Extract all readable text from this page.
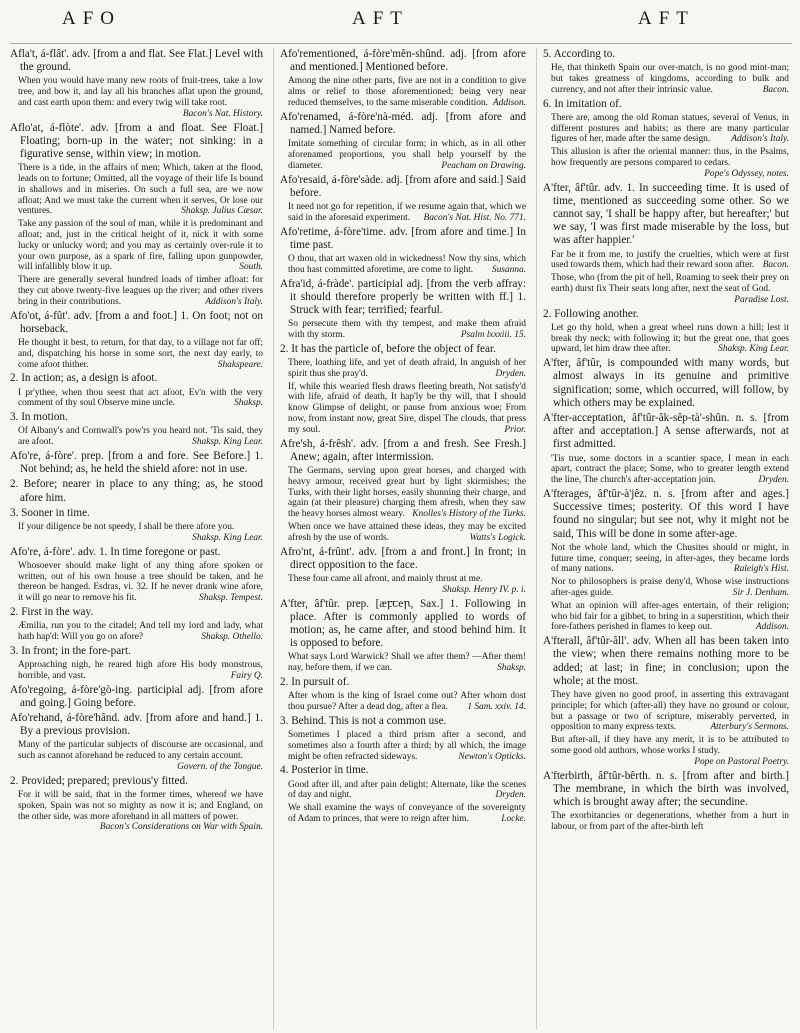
AFO	AFT	AFT

Afla't, á-flât'. adv. [from a and flat. See Flat.] Level with the ground.

When you would have many new roots of fruit-trees, take a low tree, and bow it, and lay all his branches aflat upon the ground, and cast earth upon them: and every twig will take root.
Bacon's Nat. History.

Aflo'at, á-flòte'. adv. [from a and float. See Float.] Floating; born-up in the water; not sinking: in a figurative sense, within view; in motion.

There is a tide, in the affairs of men; Which, taken at the flood, leads on to fortune; Omitted, all the voyage of their life Is bound in shallows and in miseries. On such a full sea, are we now afloat; And we must take the current when it serves, Or lose our ventures.	Shaksp. Julius Cæsar.

Take any passion of the soul of man, while it is predominant and afloat; and, just in the critical height of it, nick it with some lucky or unlucky word; and you may as certainly over-rule it to your own purpose, as a spark of fire, falling upon gunpowder, will infallibly blow it up.	South.

There are generally several hundred loads of timber afloat: for they cut above twenty-five leagues up the river; and other rivers bring in their contributions.	Addison's Italy.

Afo'ot, á-fût'. adv. [from a and foot.] 1. On foot; not on horseback.

He thought it best, to return, for that day, to a village not far off; and, dispatching his horse in some sort, the next day early, to come afoot thither.	Shakspeare.

2. In action; as, a design is afoot.

I pr'ythee, when thou seest that act afoot, Ev'n with the very comment of thy soul Observe mine uncle.	Shaksp.

3. In motion.

Of Albany's and Cornwall's pow'rs you heard not. 'Tis said, they are afoot.	Shaksp. King Lear.

Afo're, á-fòre'. prep. [from a and fore. See Before.] 1. Not behind; as, he held the shield afore: not in use.

2. Before; nearer in place to any thing; as, he stood afore him.

3. Sooner in time.

If your diligence be not speedy, I shall be there afore you.
Shaksp. King Lear.

Afo're, á-fòre'. adv. 1. In time foregone or past.

Whosoever should make light of any thing afore spoken or written, out of his own house a tree should be taken, and he thereon be hanged. Esdras, vi. 32. If he never drank wine afore, it will go near to remove his fit.	Shaksp. Tempest.

2. First in the way.

Æmilia, run you to the citadel; And tell my lord and lady, what hath hap'd: Will you go on afore?	Shaksp. Othello.

3. In front; in the fore-part.

Approaching nigh, he reared high afore His body monstrous, horrible, and vast.	Fairy Q.

Afo'regoing, á-fòre'gò-ing. participial adj. [from afore and going.] Going before.

Afo'rehand, á-fòre'hând. adv. [from afore and hand.] 1. By a previous provision.

Many of the particular subjects of discourse are occasional, and such as cannot aforehand be reduced to any certain account.
Govern. of the Tongue.

2. Provided; prepared; previous'y fitted.

For it will be said, that in the former times, whereof we have spoken, Spain was not so mighty as now it is; and England, on the other side, was more aforehand in all matters of power.
Bacon's Considerations on War with Spain.

Afo'rementioned, á-fòre'mên-shûnd. adj. [from afore and mentioned.] Mentioned before.

Among the nine other parts, five are not in a condition to give alms or relief to those aforementioned; being very near reduced themselves, to the same miserable condition. Addison.

Afo'renamed, á-fòre'nà-méd. adj. [from afore and named.] Named before.

Imitate something of circular form; in which, as in all other aforenamed proportions, you shall help yourself by the diameter.	Peacham on Drawing.

Afo'resaid, á-fòre'sàde. adj. [from afore and said.] Said before.

It need not go for repetition, if we resume again that, which we said in the aforesaid experiment.	Bacon's Nat. Hist. No. 771.

Afo'retime, á-fòre'time. adv. [from afore and time.] In time past.

O thou, that art waxen old in wickedness! Now thy sins, which thou hast committed aforetime, are come to light.	Susanna.

Afra'id, á-fràde'. participial adj. [from the verb affray: it should therefore properly be written with ff.] 1. Struck with fear; terrified; fearful.

So persecute them with thy tempest, and make them afraid with thy storm.	Psalm lxxxiii. 15.

2. It has the particle of, before the object of fear.

There, loathing life, and yet of death afraid, In anguish of her spirit thus she pray'd.	Dryden.

If, while this wearied flesh draws fleeting breath, Not satisfy'd with life, afraid of death, It hap'ly be thy will, that I should know Glimpse of delight, or pause from anxious woe; From now, from instant now, great Sire, dispel The clouds, that press my soul.	Prior.

Afre'sh, á-frêsh'. adv. [from a and fresh. See Fresh.] Anew; again, after intermission.

The Germans, serving upon great horses, and charged with heavy armour, received great hurt by light skirmishes; the Turks, with their light horses, easily shunning their charge, and again (at their pleasure) charging them afresh, when they saw the heavy horses almost weary. Knolles's History of the Turks.

When once we have attained these ideas, they may be excited afresh by the use of words.	Watts's Logick.

Afro'nt, á-frûnt'. adv. [from a and front.] In front; in direct opposition to the face.

These four came all afront, and mainly thrust at me.
Shaksp. Henry IV. p. i.

A'fter, âf'tûr. prep. [æꝼꞇeꞃ, Sax.] 1. Following in place. After is commonly applied to words of motion; as, he came after, and stood behind him. It is opposed to before.

What says Lord Warwick? Shall we after them? —After them! nay, before them, if we can.	Shaksp.

2. In pursuit of.

After whom is the king of Israel come out? After whom dost thou pursue? After a dead dog, after a flea.	1 Sam. xxiv. 14.

3. Behind. This is not a common use.

Sometimes I placed a third prism after a second, and sometimes also a fourth after a third; by all which, the image might be often refracted sideways.	Newton's Opticks.

4. Posterior in time.

Good after ill, and after pain delight; Alternate, like the scenes of day and night.	Dryden.

We shall examine the ways of conveyance of the sovereignty of Adam to princes, that were to reign after him.	Locke.

5. According to.

He, that thinketh Spain our over-match, is no good mint-man; but takes greatness of kingdoms, according to bulk and currency, and not after their intrinsic value.	Bacon.

6. In imitation of.

There are, among the old Roman statues, several of Venus, in different postures and habits; as there are many particular figures of her, made after the same design.	Addison's Italy.

This allusion is after the oriental manner: thus, in the Psalms, how frequently are persons compared to cedars.
Pope's Odyssey, notes.

A'fter, âf'tûr. adv. 1. In succeeding time. It is used of time, mentioned as succeeding some other. So we cannot say, 'I shall be happy after, but hereafter;' but we say, 'I was first made miserable by the loss, but was after happier.'

Far be it from me, to justify the cruelties, which were at first used towards them, which had their reward soon after. Bacon.

Those, who (from the pit of hell, Roaming to seek their prey on earth) durst fix Their seats long after, next the seat of God.
Paradise Lost.

2. Following another.

Let go thy hold, when a great wheel runs down a hill; lest it break thy neck; with following it; but the great one, that goes upward, let him draw thee after.	Shaksp. King Lear.

A'fter, âf'tûr, is compounded with many words, but almost always in its genuine and primitive signification; some, which occurred, will follow, by which others may be explained.

A'fter-acceptation, âf'tûr-âk-sêp-tà'-shûn. n. s. [from after and acceptation.] A sense afterwards, not at first admitted.

'Tis true, some doctors in a scantier space, I mean in each apart, contract the place; Some, who to greater length extend the line, The church's after-acceptation join.	Dryden.

A'fterages, âf'tûr-à'jêz. n. s. [from after and ages.] Successive times; posterity. Of this word I have found no singular; but see not, why it might not be said, This will be done in some after-age.

Not the whole land, which the Chusites should or might, in future time, conquer; seeing, in after-ages, they became lords of many nations.	Raleigh's Hist.

Nor to philosophers is praise deny'd, Whose wise instructions after-ages guide.	Sir J. Denham.

What an opinion will after-ages entertain, of their religion; who bid fair for a gibbet, to bring in a superstition, which their fore-fathers perished in flames to keep out.	Addison.

A'fterall, âf'tûr-âll'. adv. When all has been taken into the view; when there remains nothing more to be added; at last; in fine; in conclusion; upon the whole; at the most.

They have given no good proof, in asserting this extravagant principle; for which (after-all) they have no ground or colour, but a passage or two of scripture, miserably perverted, in opposition to many express texts.	Atterbury's Sermons.

But after-all, if they have any merit, it is to be attributed to some good old authors, whose works I study.
Pope on Pastoral Poetry.

A'fterbirth, âf'tûr-bêrth. n. s. [from after and birth.] The membrane, in which the birth was involved, which is brought away after; the secundine.

The exorbitancies or degenerations, whether from a hurt in labour, or from part of the after-birth left
